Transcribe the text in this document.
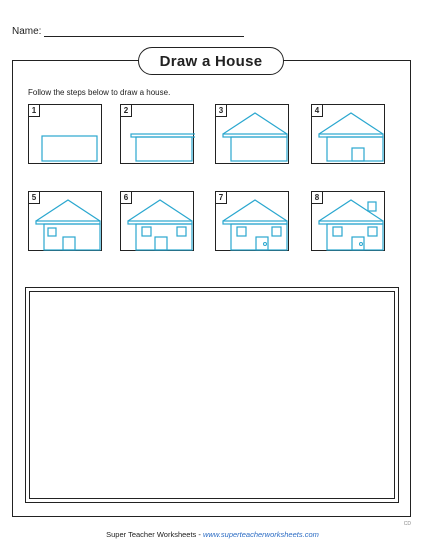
Name:
Draw a House
Follow the steps below to draw a house.
1	2	3	4
5	6	7	8
CD
Super Teacher Worksheets - www.superteacherworksheets.com
